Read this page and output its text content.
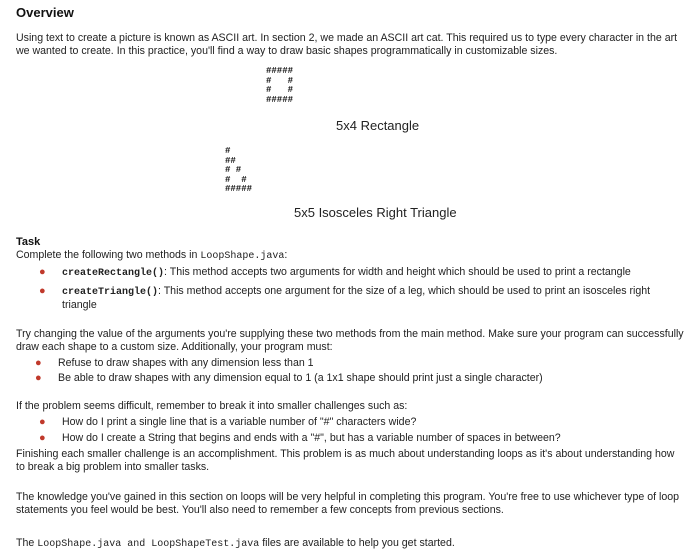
Overview
Using text to create a picture is known as ASCII art. In section 2, we made an ASCII art cat. This required us to type every character in the art we wanted to create. In this practice, you'll find a way to draw basic shapes programmatically in customizable sizes.
#####
#   #
#   #
#####
5x4 Rectangle
#
##
# #
#  #
#####
5x5 Isosceles Right Triangle
Task
Complete the following two methods in LoopShape.java:
● createRectangle(): This method accepts two arguments for width and height which should be used to print a rectangle
● createTriangle(): This method accepts one argument for the size of a leg, which should be used to print an isosceles right triangle
Try changing the value of the arguments you're supplying these two methods from the main method. Make sure your program can successfully draw each shape to a custom size. Additionally, your program must:
● Refuse to draw shapes with any dimension less than 1
● Be able to draw shapes with any dimension equal to 1 (a 1x1 shape should print just a single character)
If the problem seems difficult, remember to break it into smaller challenges such as:
● How do I print a single line that is a variable number of "#" characters wide?
● How do I create a String that begins and ends with a "#", but has a variable number of spaces in between?
Finishing each smaller challenge is an accomplishment. This problem is as much about understanding loops as it's about understanding how to break a big problem into smaller tasks.
The knowledge you've gained in this section on loops will be very helpful in completing this program. You're free to use whichever type of loop statements you feel would be best. You'll also need to remember a few concepts from previous sections.
The LoopShape.java and LoopShapeTest.java files are available to help you get started.
